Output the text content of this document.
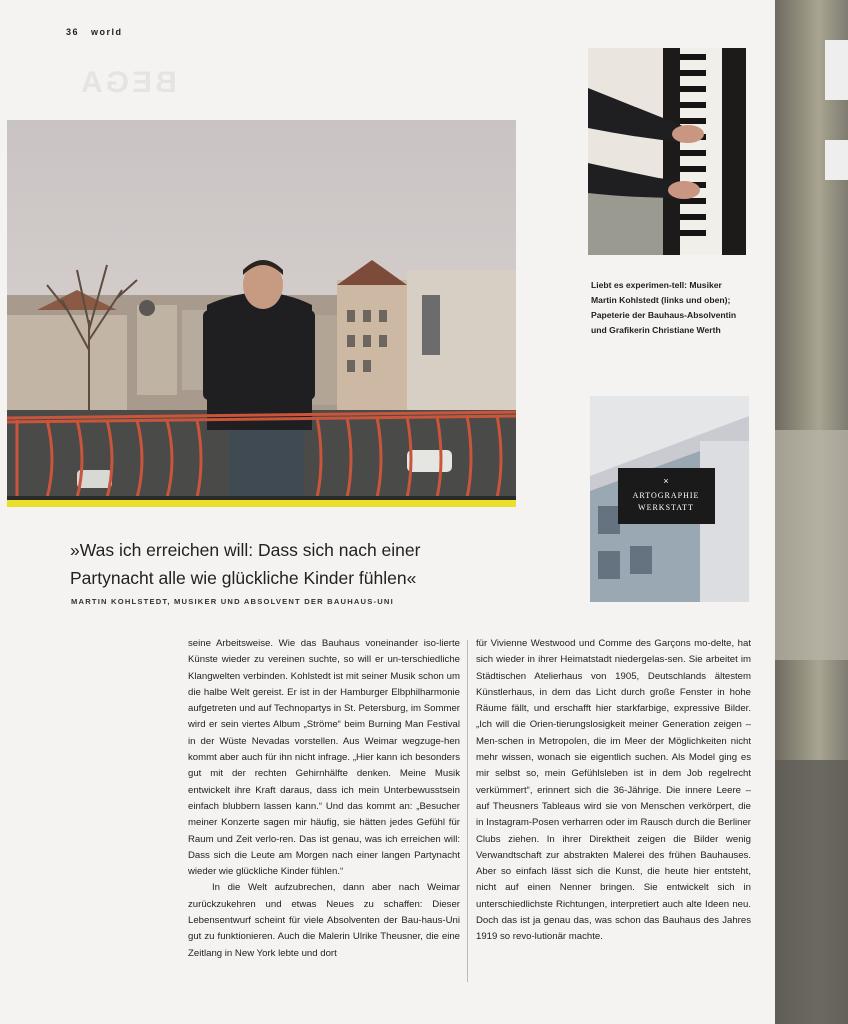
36 world
BEGA
Liebt es experimen-tell: Musiker Martin Kohlstedt (links und oben); Papeterie der Bauhaus-Absolventin und Grafikerin Christiane Werth
×
ARTOGRAPHIE
WERKSTATT
»Was ich erreichen will: Dass sich nach einer
Partynacht alle wie glückliche Kinder fühlen«
MARTIN KOHLSTEDT, MUSIKER UND ABSOLVENT DER BAUHAUS-UNI

seine Arbeitsweise. Wie das Bauhaus voneinander iso-lierte Künste wieder zu vereinen suchte, so will er un-terschiedliche Klangwelten verbinden. Kohlstedt ist mit seiner Musik schon um die halbe Welt gereist. Er ist in der Hamburger Elbphilharmonie aufgetreten und auf Technopartys in St. Petersburg, im Sommer wird er sein viertes Album „Ströme“ beim Burning Man Festival in der Wüste Nevadas vorstellen. Aus Weimar wegzuge-hen kommt aber auch für ihn nicht infrage. „Hier kann ich besonders gut mit der rechten Gehirnhälfte denken. Meine Musik entwickelt ihre Kraft daraus, dass ich mein Unterbewusstsein einfach blubbern lassen kann.“ Und das kommt an: „Besucher meiner Konzerte sagen mir häufig, sie hätten jedes Gefühl für Raum und Zeit verlo-ren. Das ist genau, was ich erreichen will: Dass sich die Leute am Morgen nach einer langen Partynacht wieder wie glückliche Kinder fühlen.“

In die Welt aufzubrechen, dann aber nach Weimar zurückzukehren und etwas Neues zu schaffen: Dieser Lebensentwurf scheint für viele Absolventen der Bau-haus-Uni gut zu funktionieren. Auch die Malerin Ulrike Theusner, die eine Zeitlang in New York lebte und dort

für Vivienne Westwood und Comme des Garçons mo-delte, hat sich wieder in ihrer Heimatstadt niedergelas-sen. Sie arbeitet im Städtischen Atelierhaus von 1905, Deutschlands ältestem Künstlerhaus, in dem das Licht durch große Fenster in hohe Räume fällt, und erschafft hier starkfarbige, expressive Bilder. „Ich will die Orien-tierungslosigkeit meiner Generation zeigen – Men-schen in Metropolen, die im Meer der Möglichkeiten nicht mehr wissen, wonach sie eigentlich suchen. Als Model ging es mir selbst so, mein Gefühlsleben ist in dem Job regelrecht verkümmert“, erinnert sich die 36-Jährige. Die innere Leere – auf Theusners Tableaus wird sie von Menschen verkörpert, die in Instagram-Posen verharren oder im Rausch durch die Berliner Clubs ziehen. In ihrer Direktheit zeigen die Bilder wenig Verwandtschaft zur abstrakten Malerei des frühen Bauhauses. Aber so einfach lässt sich die Kunst, die heute hier entsteht, nicht auf einen Nenner bringen. Sie entwickelt sich in unterschiedlichste Richtungen, interpretiert auch alte Ideen neu. Doch das ist ja genau das, was schon das Bauhaus des Jahres 1919 so revo-lutionär machte.
